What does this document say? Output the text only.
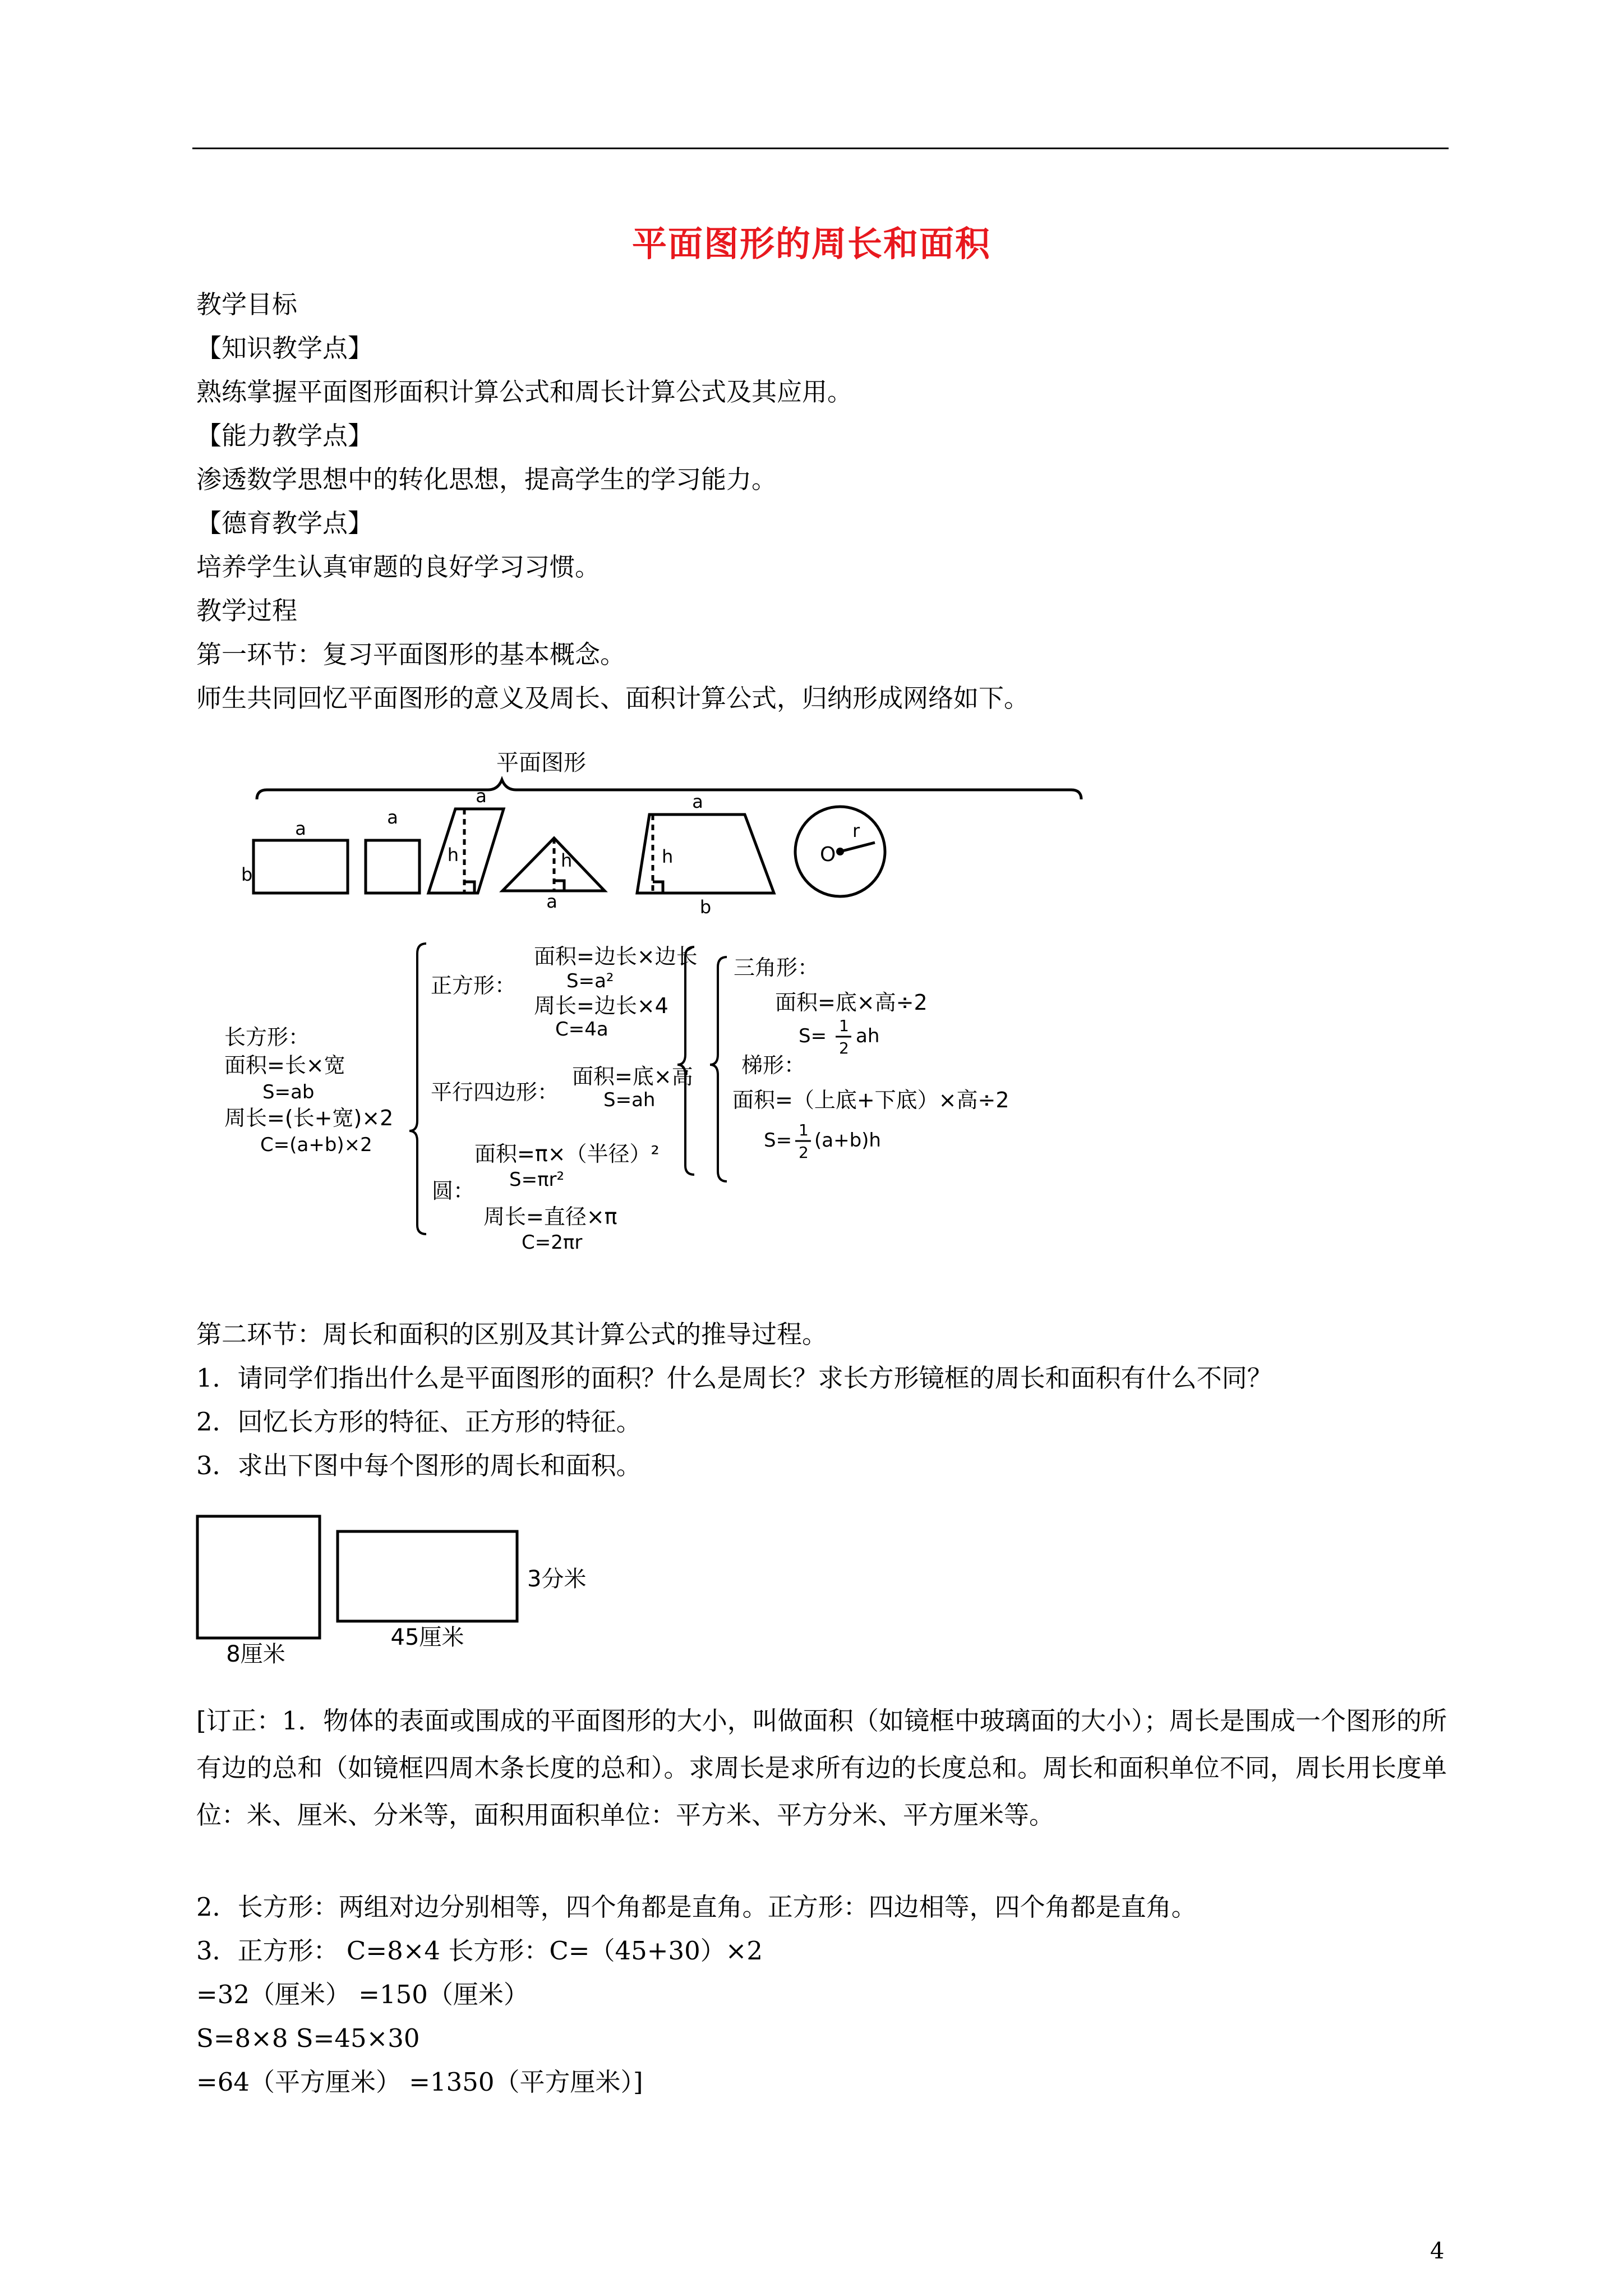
平面图形的周长和面积
教学目标
【知识教学点】
熟练掌握平面图形面积计算公式和周长计算公式及其应用。
【能力教学点】
渗透数学思想中的转化思想，提高学生的学习能力。
【德育教学点】
培养学生认真审题的良好学习习惯。
教学过程
第一环节：复习平面图形的基本概念。
师生共同回忆平面图形的意义及周长、面积计算公式，归纳形成网络如下。
平面图形
a
b
a
a
h	h
a
a
h
b
O
r
长方形：
面积=长×宽
S=ab
周长=(长+宽)×2
C=(a+b)×2
面积=边长×边长
正方形：	S=a²
周长=边长×4
C=4a
平行四边形：
面积=底×高
S=ah
面积=π×（半径）²
S=πr²
圆：
周长=直径×π
C=2πr
三角形：
面积=底×高÷2
S= 1
2
ah
梯形：
面积=（上底+下底）×高÷2
S= 1
2
(a+b)h
第二环节：周长和面积的区别及其计算公式的推导过程。
1．请同学们指出什么是平面图形的面积？什么是周长？求长方形镜框的周长和面积有什么不同？
2．回忆长方形的特征、正方形的特征。
3．求出下图中每个图形的周长和面积。
8厘米
45厘米
3分米
[订正：1．物体的表面或围成的平面图形的大小，叫做面积（如镜框中玻璃面的大小）；周长是围成一个图形的所有边的总和（如镜框四周木条长度的总和）。求周长是求所有边的长度总和。周长和面积单位不同，周长用长度单位：米、厘米、分米等，面积用面积单位：平方米、平方分米、平方厘米等。
2．长方形：两组对边分别相等，四个角都是直角。正方形：四边相等，四个角都是直角。
3．正方形： C=8×4 长方形：C=（45+30）×2
=32（厘米） =150（厘米）
S=8×8 S=45×30
=64（平方厘米） =1350（平方厘米）]
4
